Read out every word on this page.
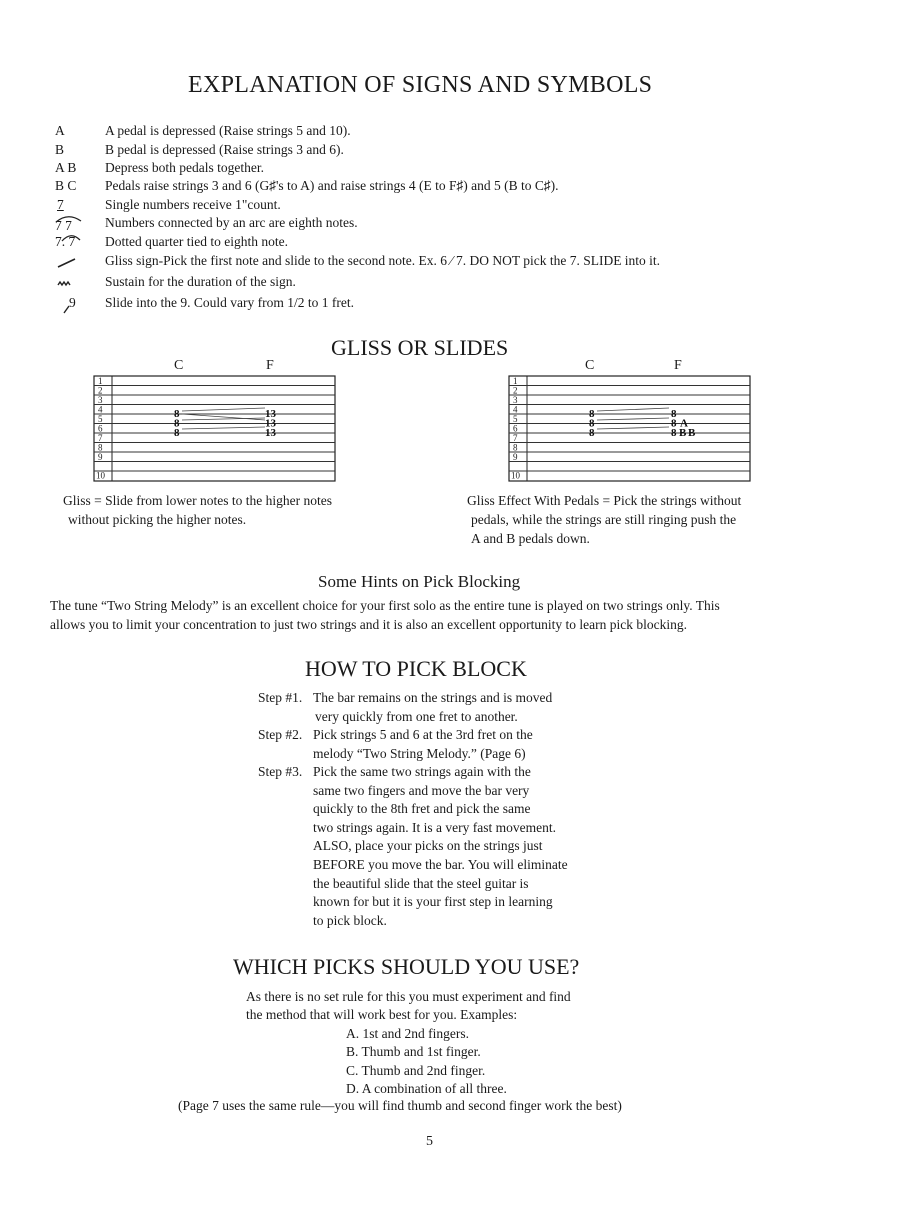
EXPLANATION OF SIGNS AND SYMBOLS
A	A pedal is depressed (Raise strings 5 and 10).
B	B pedal is depressed (Raise strings 3 and 6).
A B Depress both pedals together.
B C Pedals raise strings 3 and 6 (G♯'s to A) and raise strings 4 (E to F♯) and 5 (B to C♯).
7	Single numbers receive 1"count.
7 7 Numbers connected by an arc are eighth notes.
7. 7 Dotted quarter tied to eighth note.
Gliss sign-Pick the first note and slide to the second note. Ex. 6 ⁄ 7. DO NOT pick the 7. SLIDE into it.
Sustain for the duration of the sign.
9 Slide into the 9. Could vary from 1/2 to 1 fret.
GLISS OR SLIDES
C	F
1
2
3
4
5
6
7
8
9
10
8
8
8
13
13
13
Gliss = Slide from lower notes to the higher notes
without picking the higher notes.
C	F
1
2
3
4
5
6
7
8
9
10
8
8
8
8
8
8
A
B B
Gliss Effect With Pedals = Pick the strings without
pedals, while the strings are still ringing push the
A and B pedals down.
Some Hints on Pick Blocking
The tune “Two String Melody” is an excellent choice for your first solo as the entire tune is played on two strings only. This
allows you to limit your concentration to just two strings and it is also an excellent opportunity to learn pick blocking.
HOW TO PICK BLOCK
Step #1. The bar remains on the strings and is moved
very quickly from one fret to another.
Step #2. Pick strings 5 and 6 at the 3rd fret on the
melody “Two String Melody.” (Page 6)
Step #3. Pick the same two strings again with the
same two fingers and move the bar very
quickly to the 8th fret and pick the same
two strings again. It is a very fast movement.
ALSO, place your picks on the strings just
BEFORE you move the bar. You will eliminate
the beautiful slide that the steel guitar is
known for but it is your first step in learning
to pick block.
WHICH PICKS SHOULD YOU USE?
As there is no set rule for this you must experiment and find
the method that will work best for you. Examples:
A. 1st and 2nd fingers.
B. Thumb and 1st finger.
C. Thumb and 2nd finger.
D. A combination of all three.
(Page 7 uses the same rule—you will find thumb and second finger work the best)
5
